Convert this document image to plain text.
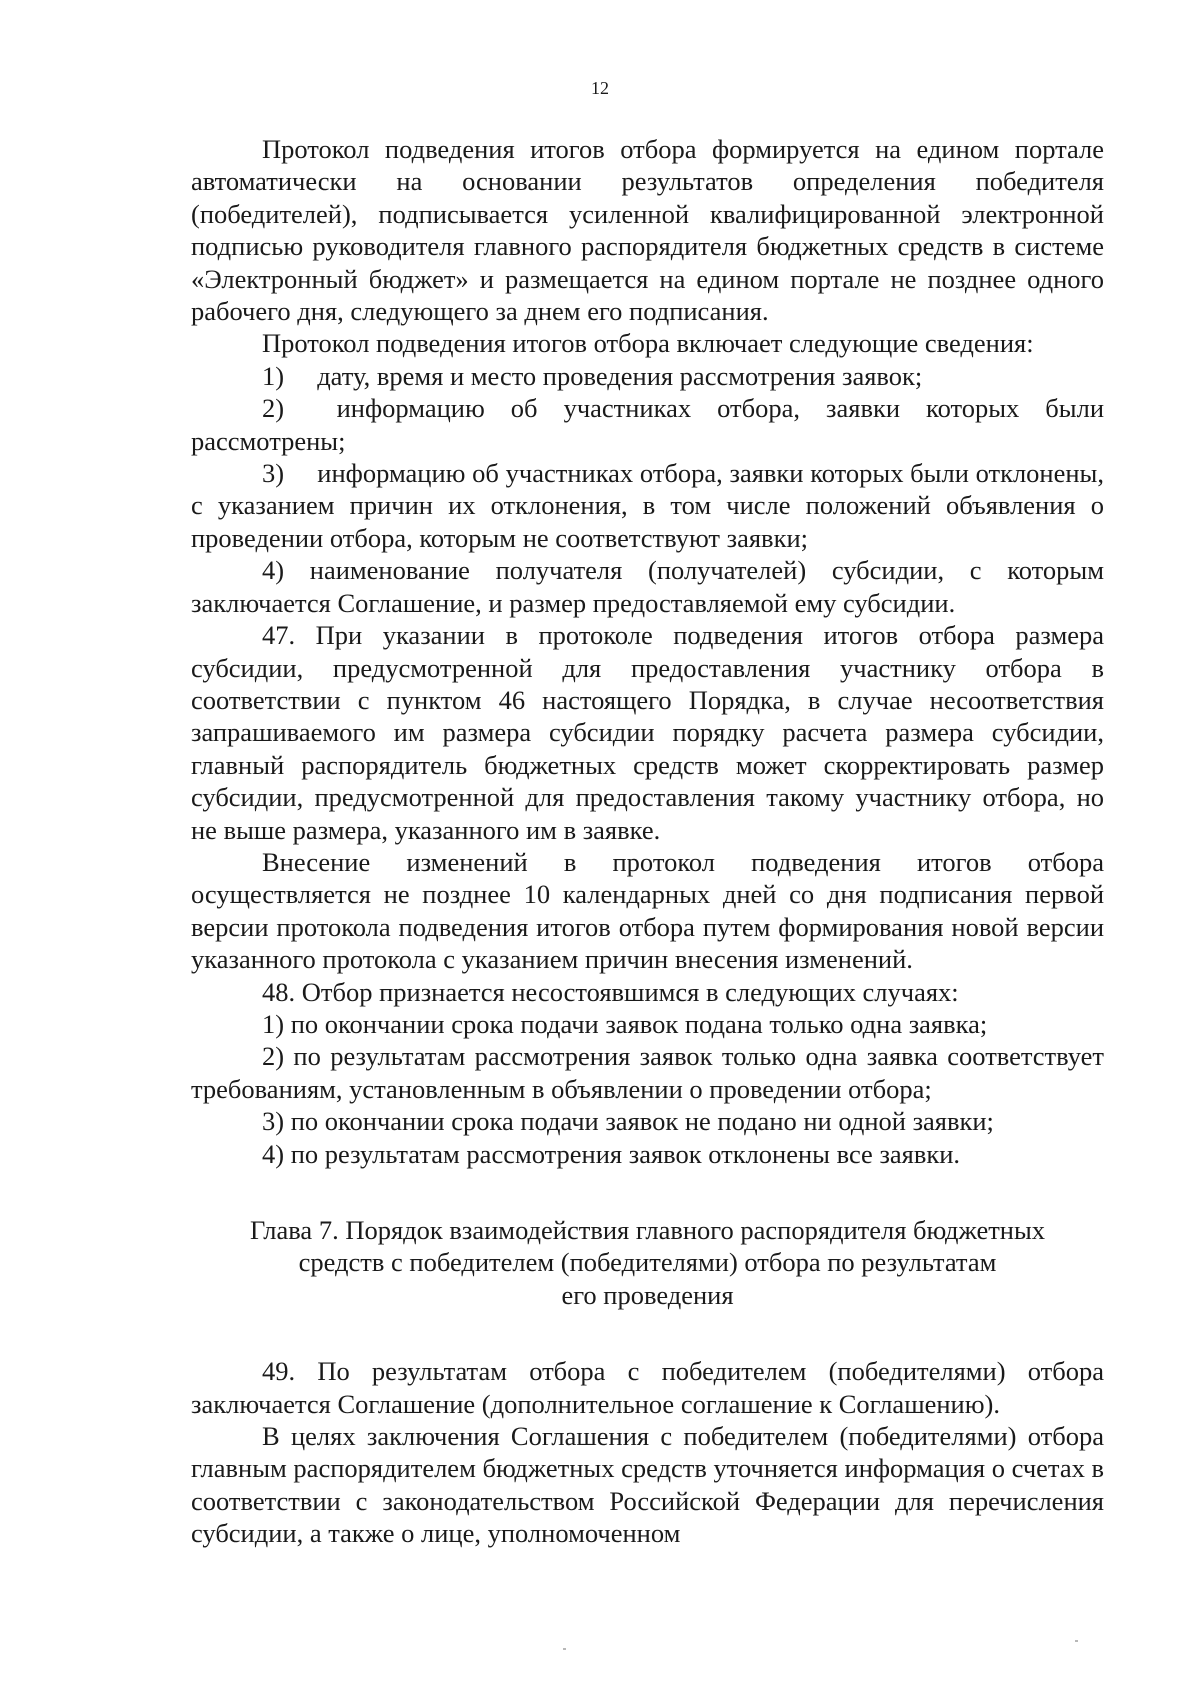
12

Протокол подведения итогов отбора формируется на едином портале автоматически на основании результатов определения победителя (победителей), подписывается усиленной квалифицированной электронной подписью руководителя главного распорядителя бюджетных средств в системе «Электронный бюджет» и размещается на едином портале не позднее одного рабочего дня, следующего за днем его подписания.

Протокол подведения итогов отбора включает следующие сведения:

1)  дату, время и место проведения рассмотрения заявок;

2)  информацию об участниках отбора, заявки которых были рассмотрены;

3)  информацию об участниках отбора, заявки которых были отклонены, с указанием причин их отклонения, в том числе положений объявления о проведении отбора, которым не соответствуют заявки;

4) наименование получателя (получателей) субсидии, с которым заключается Соглашение, и размер предоставляемой ему субсидии.

47. При указании в протоколе подведения итогов отбора размера субсидии, предусмотренной для предоставления участнику отбора в соответствии с пунктом 46 настоящего Порядка, в случае несоответствия запрашиваемого им размера субсидии порядку расчета размера субсидии, главный распорядитель бюджетных средств может скорректировать размер субсидии, предусмотренной для предоставления такому участнику отбора, но не выше размера, указанного им в заявке.

Внесение изменений в протокол подведения итогов отбора осуществляется не позднее 10 календарных дней со дня подписания первой версии протокола подведения итогов отбора путем формирования новой версии указанного протокола с указанием причин внесения изменений.

48. Отбор признается несостоявшимся в следующих случаях:

1) по окончании срока подачи заявок подана только одна заявка;

2) по результатам рассмотрения заявок только одна заявка соответствует требованиям, установленным в объявлении о проведении отбора;

3) по окончании срока подачи заявок не подано ни одной заявки;

4) по результатам рассмотрения заявок отклонены все заявки.

Глава 7. Порядок взаимодействия главного распорядителя бюджетных
средств с победителем (победителями) отбора по результатам
его проведения

49. По результатам отбора с победителем (победителями) отбора заключается Соглашение (дополнительное соглашение к Соглашению).

В целях заключения Соглашения с победителем (победителями) отбора главным распорядителем бюджетных средств уточняется информация о счетах в соответствии с законодательством Российской Федерации для перечисления субсидии, а также о лице, уполномоченном
